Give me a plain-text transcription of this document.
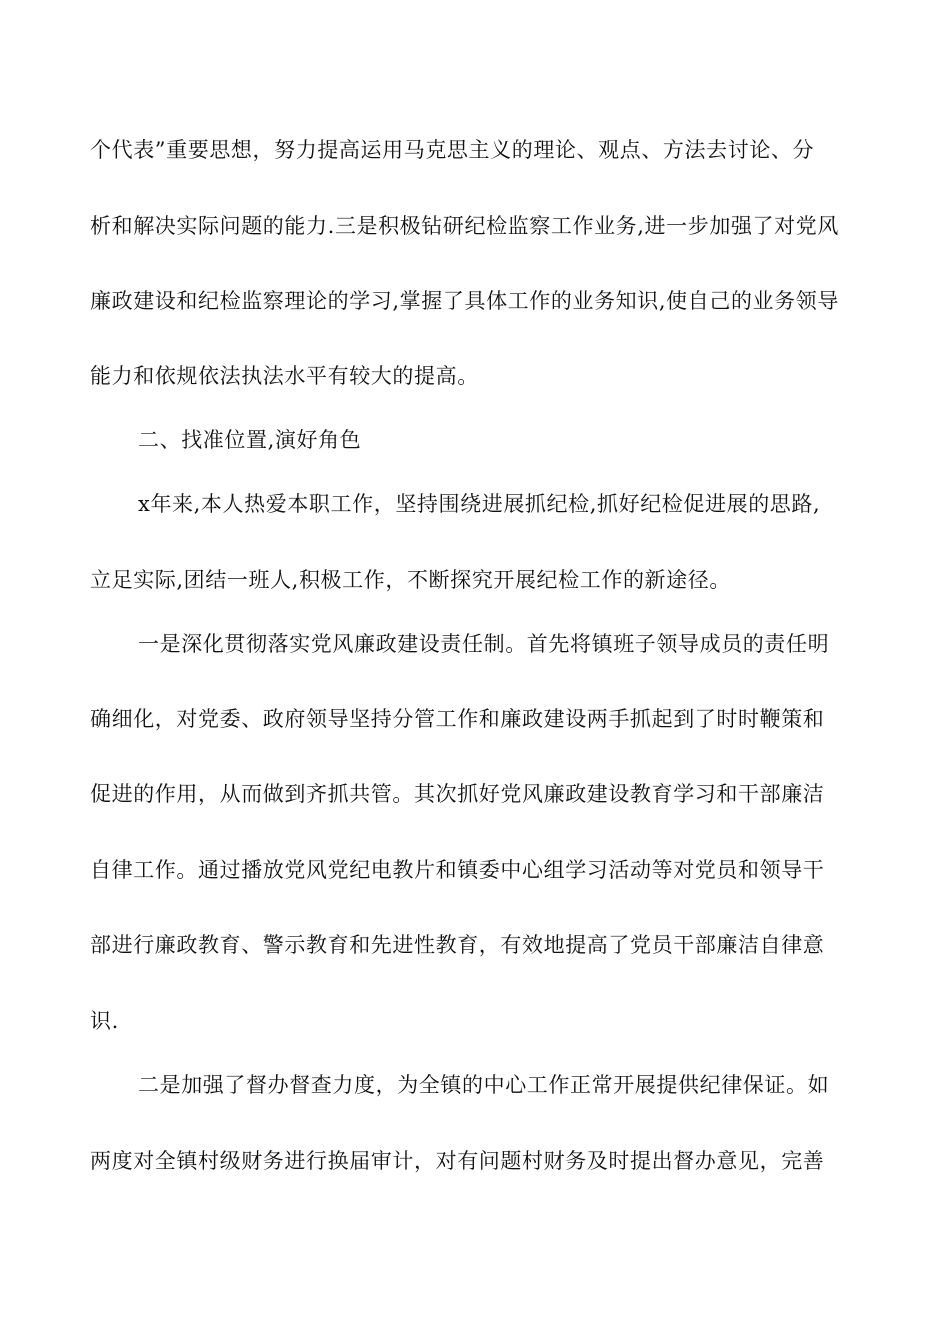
个代表”重要思想，努力提高运用马克思主义的理论、观点、方法去讨论、分
析和解决实际问题的能力.三是积极钻研纪检监察工作业务,进一步加强了对党风
廉政建设和纪检监察理论的学习,掌握了具体工作的业务知识,使自己的业务领导
能力和依规依法执法水平有较大的提高。
二、找准位置,演好角色
x年来,本人热爱本职工作，坚持围绕进展抓纪检,抓好纪检促进展的思路,
立足实际,团结一班人,积极工作，不断探究开展纪检工作的新途径。
一是深化贯彻落实党风廉政建设责任制。首先将镇班子领导成员的责任明
确细化，对党委、政府领导坚持分管工作和廉政建设两手抓起到了时时鞭策和
促进的作用，从而做到齐抓共管。其次抓好党风廉政建设教育学习和干部廉洁
自律工作。通过播放党风党纪电教片和镇委中心组学习活动等对党员和领导干
部进行廉政教育、警示教育和先进性教育，有效地提高了党员干部廉洁自律意
识.
二是加强了督办督查力度，为全镇的中心工作正常开展提供纪律保证。如
两度对全镇村级财务进行换届审计，对有问题村财务及时提出督办意见，完善
